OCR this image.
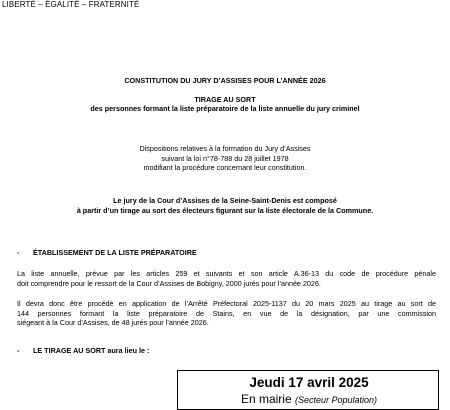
LIBERTÉ – ÉGALITÉ – FRATERNITÉ
CONSTITUTION DU JURY D’ASSISES POUR L’ANNÉE 2026
TIRAGE AU SORT
des personnes formant la liste préparatoire de la liste annuelle du jury criminel
Dispositions relatives à la formation du Jury d’Assises
suivant la loi n°78-788 du 28 juillet 1978
modifiant la procédure concernant leur constitution.
Le jury de la Cour d’Assises de la Seine-Saint-Denis est composé
à partir d’un tirage au sort des électeurs figurant sur la liste électorale de la Commune.
- ÉTABLISSEMENT DE LA LISTE PRÉPARATOIRE
La liste annuelle, prévue par les articles 259 et suivants et son article A.36-13 du code de procédure pénale
doit comprendre pour le ressort de la Cour d’Assises de Bobigny, 2000 jurés pour l’année 2026.
Il devra donc être procédé en application de l’Arrêté Préfectoral 2025-1137 du 20 mars 2025 au tirage au sort de
144 personnes formant la liste préparatoire de Stains, en vue de la désignation, par une commission
siégeant à la Cour d’Assises, de 48 jurés pour l’année 2026.
- LE TIRAGE AU SORT aura lieu le :
Jeudi 17 avril 2025
En mairie (Secteur Population)
